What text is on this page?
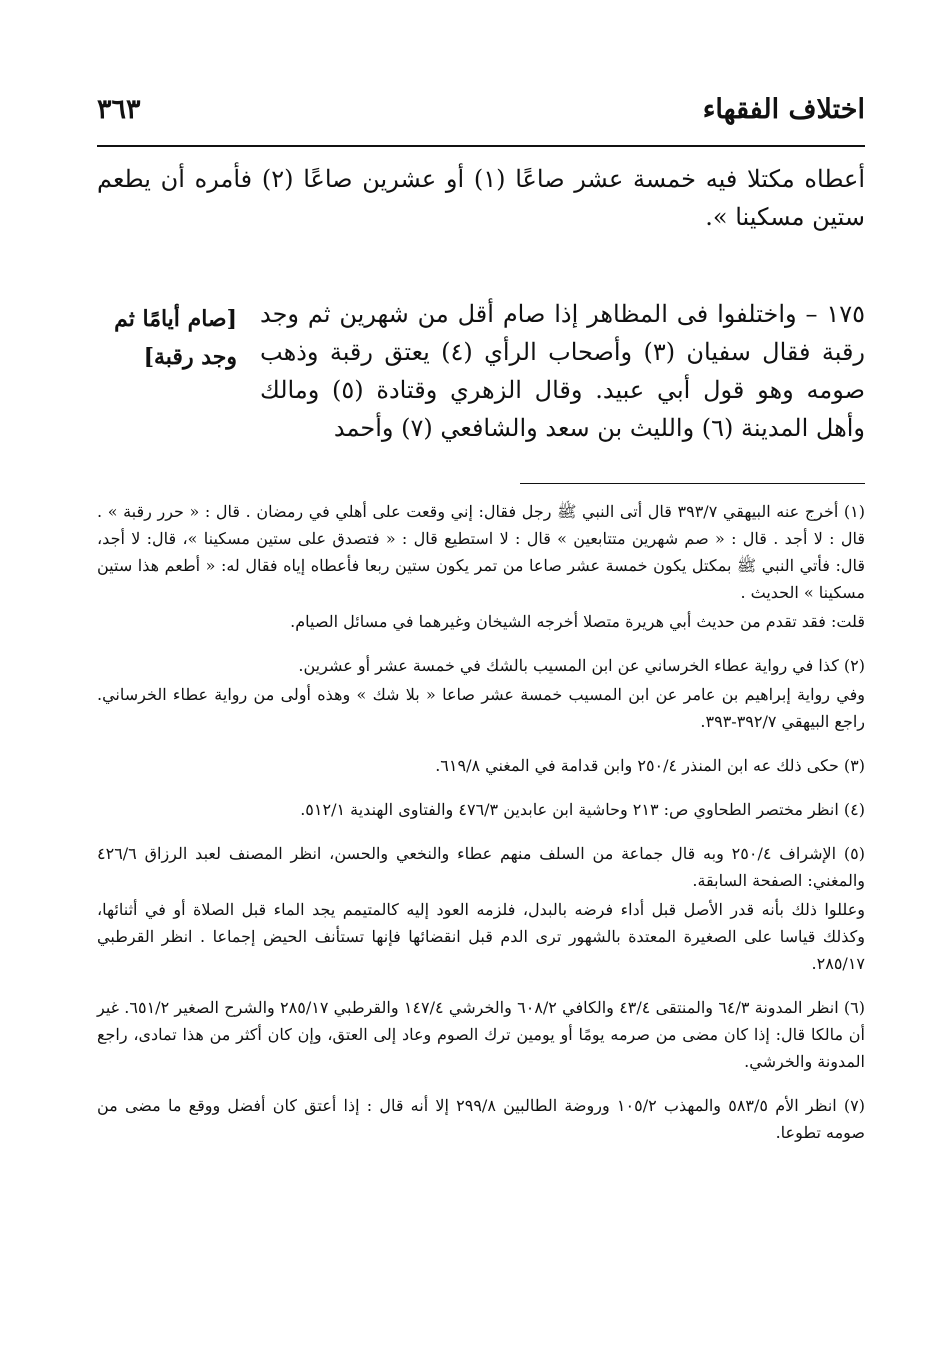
٣٦٣	اختلاف الفقهاء
أعطاه مكتلا فيه خمسة عشر صاعًا (١) أو عشرين صاعًا (٢) فأمره أن يطعم ستين مسكينا ».
[صام أيامًا ثم وجد رقبة]
١٧٥ – واختلفوا فى المظاهر إذا صام أقل من شهرين ثم وجد رقبة فقال سفيان (٣) وأصحاب الرأي (٤) يعتق رقبة وذهب صومه وهو قول أبي عبيد. وقال الزهري وقتادة (٥) ومالك وأهل المدينة (٦) والليث بن سعد والشافعي (٧) وأحمد

(١) أخرج عنه البيهقي ٣٩٣/٧ قال أتى النبي ﷺ رجل فقال: إني وقعت على أهلي في رمضان . قال : « حرر رقبة » . قال : لا أجد . قال : « صم شهرين متتابعين » قال : لا استطيع قال : « فتصدق على ستين مسكينا »، قال: لا أجد، قال: فأتي النبي ﷺ بمكتل يكون خمسة عشر صاعا من تمر يكون ستين ربعا فأعطاه إياه فقال له: « أطعم هذا ستين مسكينا » الحديث .

قلت: فقد تقدم من حديث أبي هريرة متصلا أخرجه الشيخان وغيرهما في مسائل الصيام.

(٢) كذا في رواية عطاء الخرساني عن ابن المسيب بالشك في خمسة عشر أو عشرين.

وفي رواية إبراهيم بن عامر عن ابن المسيب خمسة عشر صاعا « بلا شك » وهذه أولى من رواية عطاء الخرساني. راجع البيهقي ٣٩٢/٧-٣٩٣.

(٣) حكى ذلك عه ابن المنذر ٢٥٠/٤ وابن قدامة في المغني ٦١٩/٨.

(٤) انظر مختصر الطحاوي ص: ٢١٣ وحاشية ابن عابدين ٤٧٦/٣ والفتاوى الهندية ٥١٢/١.

(٥) الإشراف ٢٥٠/٤ وبه قال جماعة من السلف منهم عطاء والنخعي والحسن، انظر المصنف لعبد الرزاق ٤٢٦/٦ والمغني: الصفحة السابقة.

وعللوا ذلك بأنه قدر الأصل قبل أداء فرضه بالبدل، فلزمه العود إليه كالمتيمم يجد الماء قبل الصلاة أو في أثنائها، وكذلك قياسا على الصغيرة المعتدة بالشهور ترى الدم قبل انقضائها فإنها تستأنف الحيض إجماعا . انظر القرطبي ٢٨٥/١٧.

(٦) انظر المدونة ٦٤/٣ والمنتقى ٤٣/٤ والكافي ٦٠٨/٢ والخرشي ١٤٧/٤ والقرطبي ٢٨٥/١٧ والشرح الصغير ٦٥١/٢. غير أن مالكا قال: إذا كان مضى من صرمه يومًا أو يومين ترك الصوم وعاد إلى العتق، وإن كان أكثر من هذا تمادى، راجع المدونة والخرشي.

(٧) انظر الأم ٥٨٣/٥ والمهذب ١٠٥/٢ وروضة الطالبين ٢٩٩/٨ إلا أنه قال : إذا أعتق كان أفضل ووقع ما مضى من صومه تطوعا.
